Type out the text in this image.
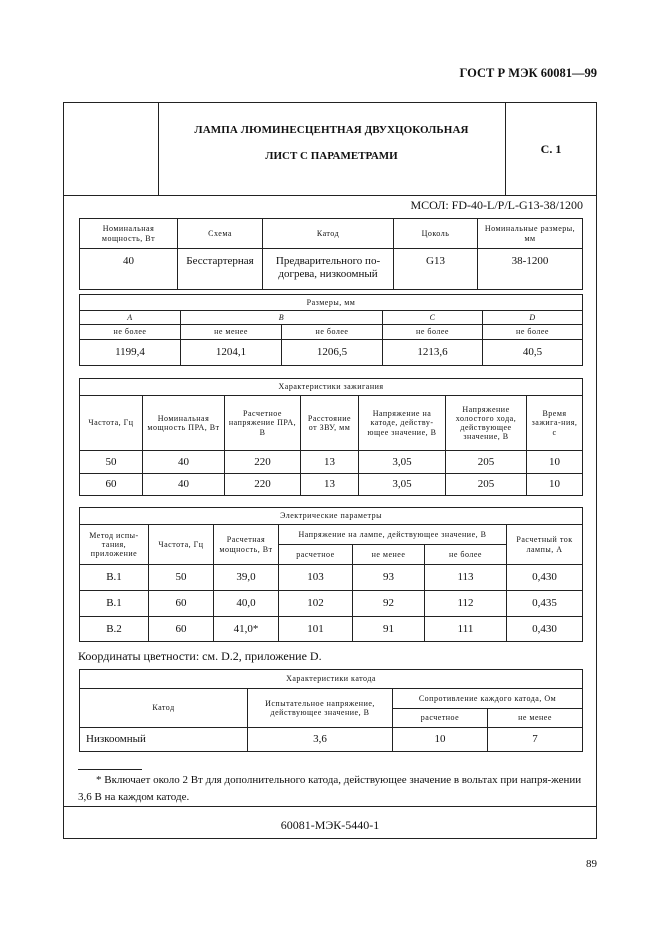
ГОСТ Р МЭК 60081—99
ЛАМПА ЛЮМИНЕСЦЕНТНАЯ ДВУХЦОКОЛЬНАЯ
ЛИСТ С ПАРАМЕТРАМИ	С. 1
МСОЛ: FD-40-L/P/L-G13-38/1200
Номинальная мощность, Вт	Схема	Катод	Цоколь	Номинальные размеры, мм
40	Бесстартерная	Предварительного по-догрева, низкоомный	G13	38-1200
Размеры, мм				
A	B		C	D
не более	не менее	не более	не более	не более
1199,4	1204,1	1206,5	1213,6	40,5
Характеристики зажигания						
Частота, Гц	Номинальная мощность ПРА, Вт	Расчетное напряжение ПРА, В	Расстояние от ЗВУ, мм	Напряжение на катоде, действу-ющее значение, В	Напряжение холостого хода, действующее значение, В	Время зажига-ния, с
50	40	220	13	3,05	205	10
60	40	220	13	3,05	205	10
Электрические параметры						
Метод испы-тания, приложение	Частота, Гц	Расчетная мощность, Вт	Напряжение на лампе, действующее значение, В			Расчетный ток лампы, А
			расчетное	не менее	не более	
B.1	50	39,0	103	93	113	0,430
B.1	60	40,0	102	92	112	0,435
B.2	60	41,0*	101	91	111	0,430
Координаты цветности: см. D.2, приложение D.
Характеристики катода			
Катод	Испытательное напряжение, действующее значение, В	Сопротивление каждого катода, Ом	
		расчетное	не менее
Низкоомный	3,6	10	7
* Включает около 2 Вт для дополнительного катода, действующее значение в вольтах при напря-жении 3,6 В на каждом катоде.
60081-МЭК-5440-1
89
